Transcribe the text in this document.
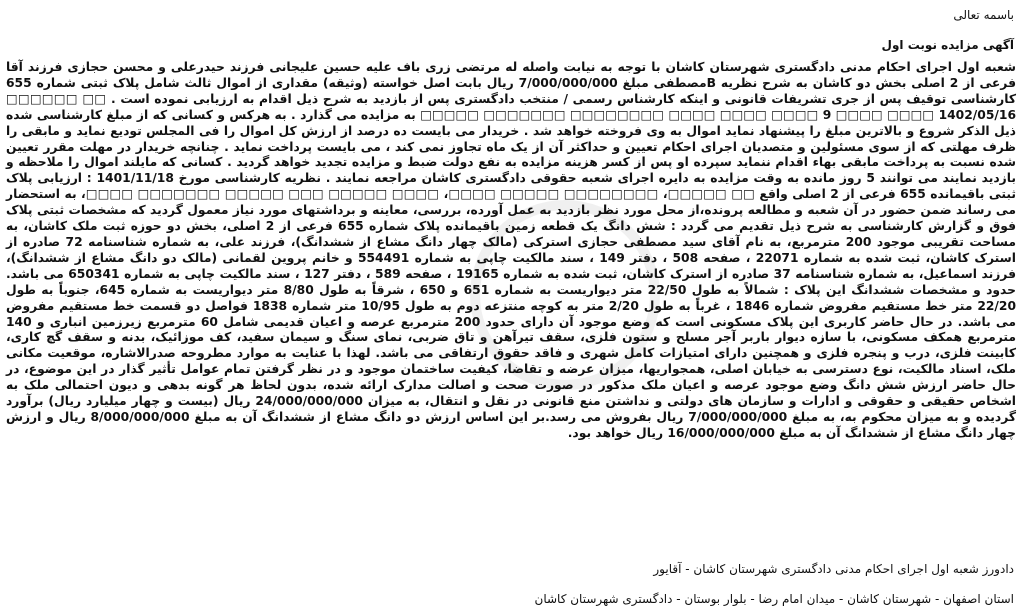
باسمه تعالی
آگهی مزایده نوبت اول

شعبه اول اجرای احکام مدنی دادگستری شهرستان کاشان با توجه به نیابت واصله له مرتضی زری باف علیه حسین علیجانی فرزند حیدرعلی و محسن حجازی فرزند آقا فرعی از 2 اصلی بخش دو کاشان به شرح نظریه Bمصطفی مبلغ 7/000/000/000 ریال بابت اصل خواسته (وثیقه) مقداری از اموال ثالث شامل پلاک ثبتی شماره 655 کارشناسی توقیف پس از جری تشریفات قانونی و اینکه کارشناس رسمی / منتخب دادگستری پس از بازدید به شرح ذیل اقدام به ارزیابی نموده است . □□ □□□□□□ 1402/05/16 □□□□ □□□□ 9 □□□□ □□□□ □□□□ □□□□□□□□ □□□□□□□ □□□□□ به مزایده می گذارد . به هرکس و کسانی که از مبلغ کارشناسی شده ذیل الذکر شروع و بالاترین مبلغ را پیشنهاد نماید اموال به وی فروخته خواهد شد . خریدار می بایست ده درصد از ارزش کل اموال را فی المجلس تودیع نماید و مابقی را ظرف مهلتی که از سوی مسئولین و متصدیان اجرای احکام تعیین و حداکثر آن از یک ماه تجاوز نمی کند ، می بایست پرداخت نماید . چنانچه خریدار در مهلت مقرر تعیین شده نسبت به پرداخت مابقی بهاء اقدام ننماید سپرده او پس از کسر هزینه مزایده به نفع دولت ضبط و مزایده تجدید خواهد گردید . کسانی که مایلند اموال را ملاحظه و بازدید نمایند می توانند 5 روز مانده به وقت مزایده به دایره اجرای شعبه حقوقی دادگستری کاشان مراجعه نمایند . نظریه کارشناسی مورخ 1401/11/18 : ارزیابی پلاک ثبتی باقیمانده 655 فرعی از 2 اصلی واقع □□ □□□□□، □□□□□□□□ □□□□□ □□□□، □□□□ □□□□□ □□□ □□□□□ □□□□□□□ □□□□، به استحضار می رساند ضمن حضور در آن شعبه و مطالعه پرونده،از محل مورد نظر بازدید به عمل آورده، بررسی، معاینه و برداشتهای مورد نیاز معمول گردید که مشخصات ثبتی پلاک فوق و گزارش کارشناسی به شرح ذیل تقدیم می گردد : شش دانگ یک قطعه زمین باقیمانده پلاک شماره 655 فرعی از 2 اصلی، بخش دو حوزه ثبت ملک کاشان، به مساحت تقریبی موجود 200 مترمربع، به نام آقای سید مصطفی حجازی استرکی (مالک چهار دانگ مشاع از ششدانگ)، فرزند علی، به شماره شناسنامه 72 صادره از استرک کاشان، ثبت شده به شماره 22071 ، صفحه 508 ، دفتر 149 ، سند مالکیت چاپی به شماره 554491 و خانم پروین لقمانی (مالک دو دانگ مشاع از ششدانگ)، فرزند اسماعیل، به شماره شناسنامه 37 صادره از استرک کاشان، ثبت شده به شماره 19165 ، صفحه 589 ، دفتر 127 ، سند مالکیت چاپی به شماره 650341 می باشد. حدود و مشخصات ششدانگ این پلاک : شمالاً به طول 22/50 متر دیواریست به شماره 651 و 650 ، شرقاً به طول 8/80 متر دیواریست به شماره 645، جنوباً به طول 22/20 متر خط مستقیم مفروض شماره 1846 ، غرباً به طول 2/20 متر به کوچه منتزعه دوم به طول 10/95 متر شماره 1838 فواصل دو قسمت خط مستقیم مفروض می باشد. در حال حاضر کاربری این پلاک مسکونی است که وضع موجود آن دارای حدود 200 مترمربع عرصه و اعیان قدیمی شامل 60 مترمربع زیرزمین انباری و 140 مترمربع همکف مسکونی، با سازه دیوار باربر آجر مسلح و ستون فلزی، سقف تیرآهن و تاق ضربی، نمای سنگ و سیمان سفید، کف موزائیک، بدنه و سقف گچ کاری، کابینت فلزی، درب و پنجره فلزی و همچنین دارای امتیازات کامل شهری و فاقد حقوق ارتفاقی می باشد. لهذا با عنایت به موارد مطروحه صدرالاشاره، موقعیت مکانی ملک، اسناد مالکیت، نوع دسترسی به خیابان اصلی، همجواریها، میزان عرضه و تقاضا، کیفیت ساختمان موجود و در نظر گرفتن تمام عوامل تأثیر گذار در این موضوع، در حال حاضر ارزش شش دانگ وضع موجود عرصه و اعیان ملک مذکور در صورت صحت و اصالت مدارک ارائه شده، بدون لحاظ هر گونه بدهی و دیون احتمالی ملک به اشخاص حقیقی و حقوقی و ادارات و سازمان های دولتی و نداشتن منع قانونی در نقل و انتقال، به میزان 24/000/000/000 ریال (بیست و چهار میلیارد ریال) برآورد گردیده و به میزان محکوم به، به مبلغ 7/000/000/000 ریال بفروش می رسد.بر این اساس ارزش دو دانگ مشاع از ششدانگ آن به مبلغ 8/000/000/000 ریال و ارزش چهار دانگ مشاع از ششدانگ آن به مبلغ 16/000/000/000 ریال خواهد بود.

دادورز شعبه اول اجرای احکام مدنی دادگستری شهرستان کاشان - آقایور
استان اصفهان - شهرستان کاشان - میدان امام رضا - بلوار بوستان - دادگستری شهرستان کاشان
